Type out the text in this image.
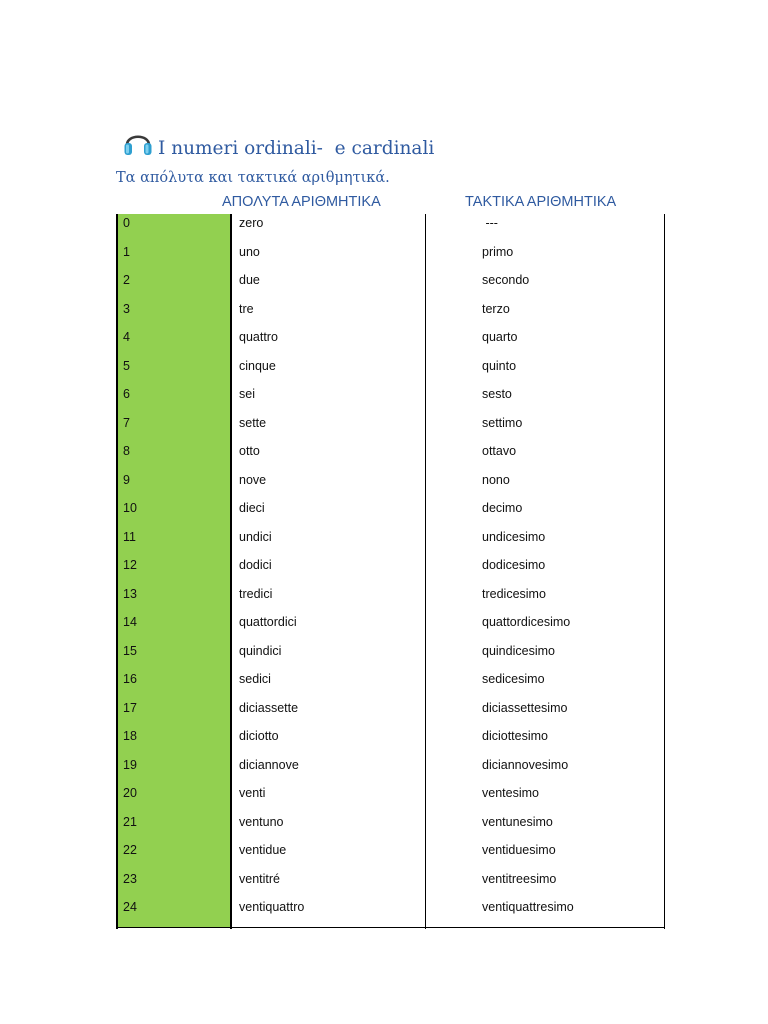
I numeri ordinali-  e cardinali
Τα απόλυτα και τακτικά αριθμητικά.
ΑΠΟΛΥΤΑ ΑΡΙΘΜΗΤΙΚΑ	ΤΑΚΤΙΚΑ ΑΡΙΘΜΗΤΙΚΑ
0	zero	---
1	uno	primo
2	due	secondo
3	tre	terzo
4	quattro	quarto
5	cinque	quinto
6	sei	sesto
7	sette	settimo
8	otto	ottavo
9	nove	nono
10	dieci	decimo
11	undici	undicesimo
12	dodici	dodicesimo
13	tredici	tredicesimo
14	quattordici	quattordicesimo
15	quindici	quindicesimo
16	sedici	sedicesimo
17	diciassette	diciassettesimo
18	diciotto	diciottesimo
19	diciannove	diciannovesimo
20	venti	ventesimo
21	ventuno	ventunesimo
22	ventidue	ventiduesimo
23	ventitré	ventitreesimo
24	ventiquattro	ventiquattresimo
